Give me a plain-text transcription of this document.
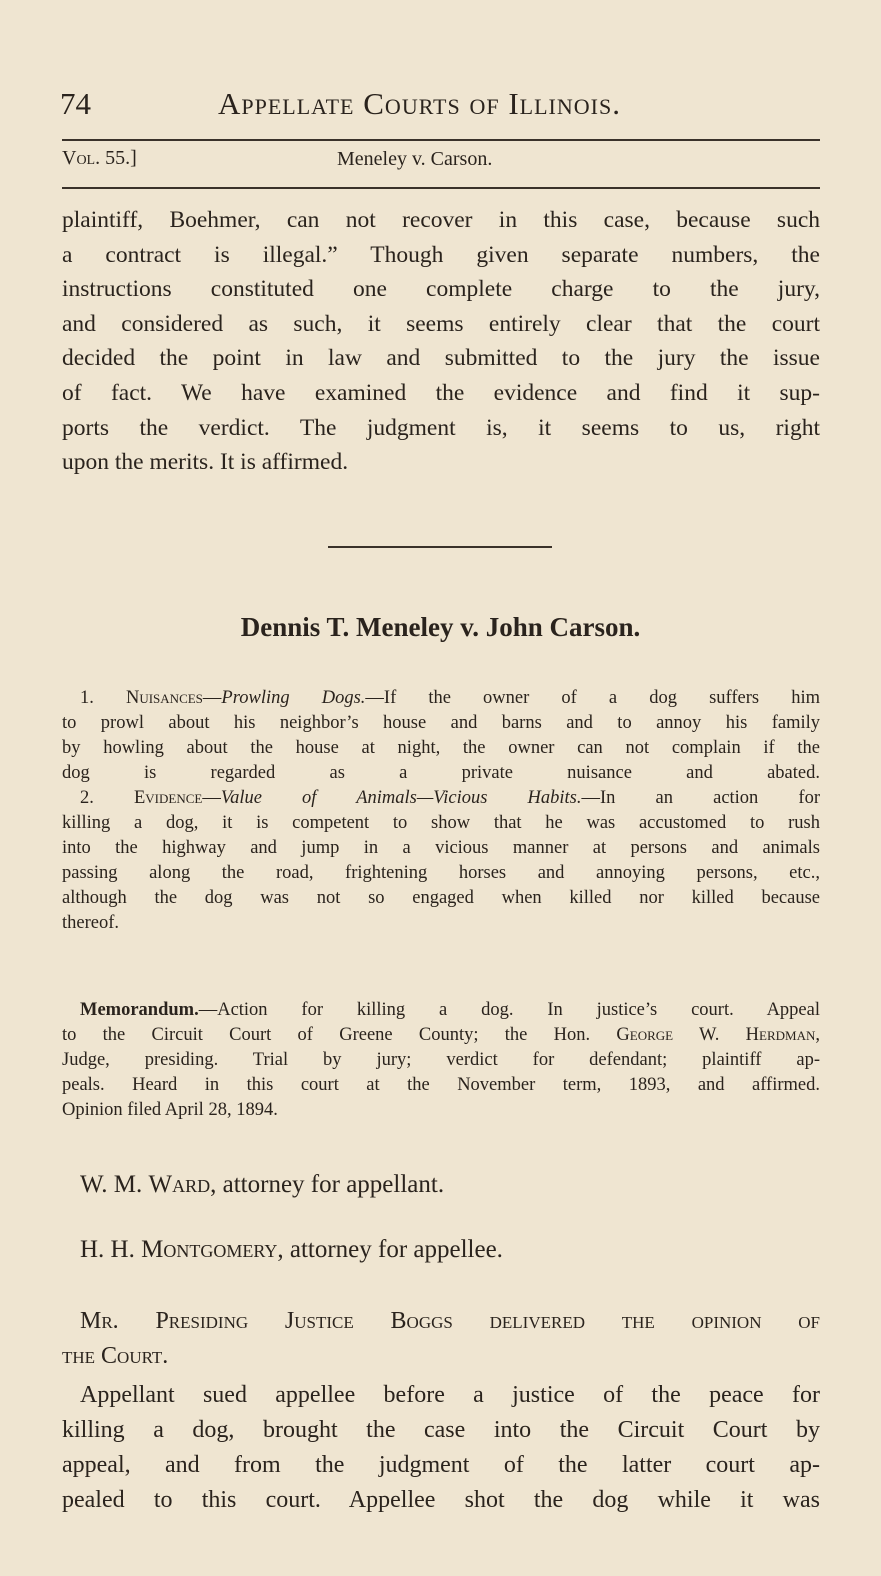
74	Appellate Courts of Illinois.
Vol. 55.]	Meneley v. Carson.
plaintiff, Boehmer, can not recover in this case, because such
a contract is illegal.” Though given separate numbers, the
instructions constituted one complete charge to the jury,
and considered as such, it seems entirely clear that the court
decided the point in law and submitted to the jury the issue
of fact. We have examined the evidence and find it sup-
ports the verdict. The judgment is, it seems to us, right
upon the merits. It is affirmed.
Dennis T. Meneley v. John Carson.
1. Nuisances—Prowling Dogs.—If the owner of a dog suffers him
to prowl about his neighbor’s house and barns and to annoy his family
by howling about the house at night, the owner can not complain if the
dog is regarded as a private nuisance and abated.
2. Evidence—Value of Animals—Vicious Habits.—In an action for
killing a dog, it is competent to show that he was accustomed to rush
into the highway and jump in a vicious manner at persons and animals
passing along the road, frightening horses and annoying persons, etc.,
although the dog was not so engaged when killed nor killed because
thereof.
Memorandum.—Action for killing a dog. In justice’s court. Appeal
to the Circuit Court of Greene County; the Hon. George W. Herdman,
Judge, presiding. Trial by jury; verdict for defendant; plaintiff ap-
peals. Heard in this court at the November term, 1893, and affirmed.
Opinion filed April 28, 1894.
W. M. Ward, attorney for appellant.
H. H. Montgomery, attorney for appellee.
Mr. Presiding Justice Boggs delivered the opinion of
the Court.
Appellant sued appellee before a justice of the peace for
killing a dog, brought the case into the Circuit Court by
appeal, and from the judgment of the latter court ap-
pealed to this court. Appellee shot the dog while it was
